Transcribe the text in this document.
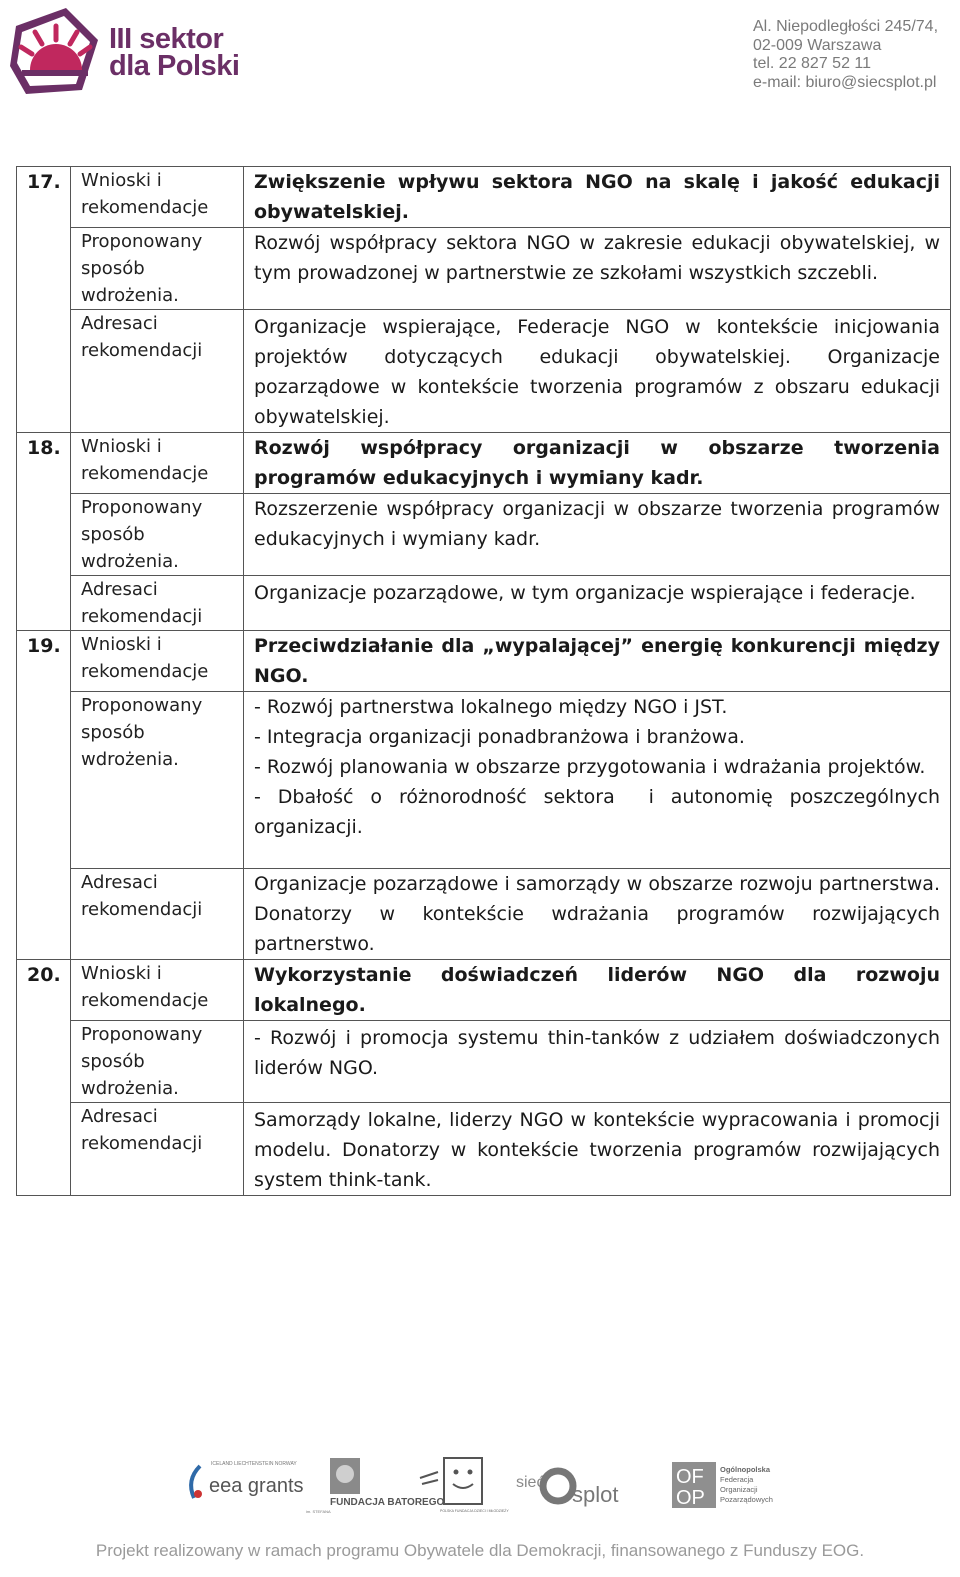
III sektor
dla Polski
Al. Niepodległości 245/74,
02-009 Warszawa
tel. 22 827 52 11
e-mail: biuro@siecsplot.pl
17.	Wnioski i rekomendacje	Zwiększenie wpływu sektora NGO na skalę i jakość edukacji obywatelskiej.
	Proponowany sposób wdrożenia.	Rozwój współpracy sektora NGO w zakresie edukacji obywatelskiej, w tym prowadzonej w partnerstwie ze szkołami wszystkich szczebli.
	Adresaci rekomendacji	Organizacje wspierające, Federacje NGO w kontekście inicjowania projektów dotyczących edukacji obywatelskiej. Organizacje pozarządowe w kontekście tworzenia programów z obszaru edukacji obywatelskiej.
18.	Wnioski i rekomendacje	Rozwój współpracy organizacji w obszarze tworzenia programów edukacyjnych i wymiany kadr.
	Proponowany sposób wdrożenia.	Rozszerzenie współpracy organizacji w obszarze tworzenia programów edukacyjnych i wymiany kadr.
	Adresaci rekomendacji	Organizacje pozarządowe, w tym organizacje wspierające i federacje.
19.	Wnioski i rekomendacje	Przeciwdziałanie dla „wypalającej” energię konkurencji między NGO.
	Proponowany sposób wdrożenia.	- Rozwój partnerstwa lokalnego między NGO i JST.
- Integracja organizacji ponadbranżowa i branżowa.
- Rozwój planowania w obszarze przygotowania i wdrażania projektów.
- Dbałość o różnorodność sektora  i autonomię poszczególnych organizacji.

	Adresaci rekomendacji	Organizacje pozarządowe i samorządy w obszarze rozwoju partnerstwa. Donatorzy w kontekście wdrażania programów rozwijających partnerstwo.
20.	Wnioski i rekomendacje	Wykorzystanie doświadczeń liderów NGO dla rozwoju lokalnego.
	Proponowany sposób wdrożenia.	- Rozwój i promocja systemu thin-tanków z udziałem doświadczonych liderów NGO.
	Adresaci rekomendacji	Samorządy lokalne, liderzy NGO w kontekście wypracowania i promocji modelu. Donatorzy w kontekście tworzenia programów rozwijających system think-tank.
ICELAND LIECHTENSTEIN NORWAY
eea grants
im. STEFANA
FUNDACJA BATOREGO
POLSKA FUNDACJA DZIECI I MŁODZIEŻY
sieć splot
OF
OP
Ogólnopolska
Federacja
Organizacji
Pozarządowych
Projekt realizowany w ramach programu Obywatele dla Demokracji, finansowanego z Funduszy EOG.
